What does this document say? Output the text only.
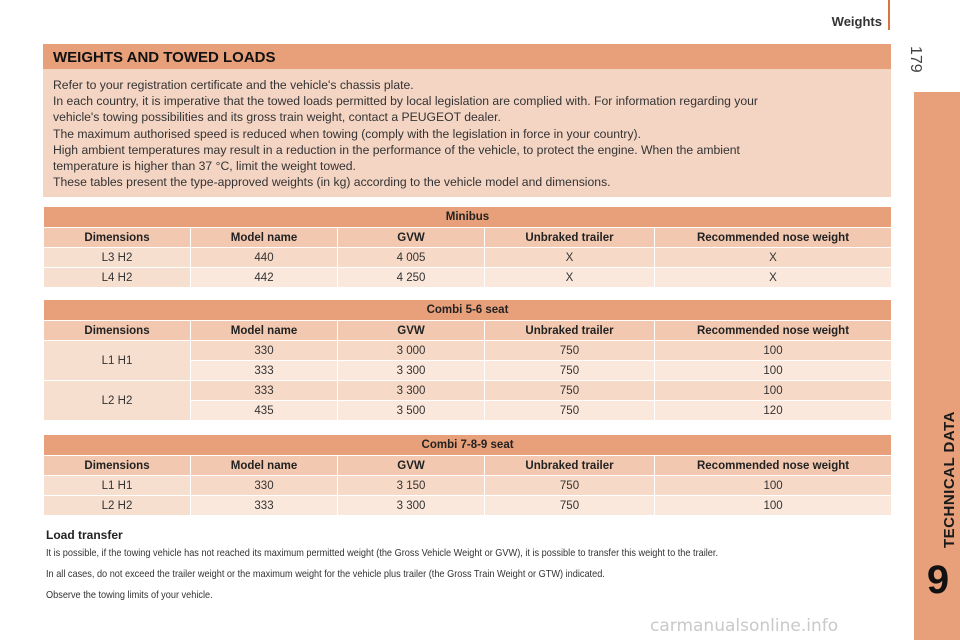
Weights
179
TECHNICAL DATA
9
WEIGHTS AND TOWED LOADS
Refer to your registration certificate and the vehicle's chassis plate.
In each country, it is imperative that the towed loads permitted by local legislation are complied with. For information regarding your
vehicle's towing possibilities and its gross train weight, contact a PEUGEOT dealer.
The maximum authorised speed is reduced when towing (comply with the legislation in force in your country).
High ambient temperatures may result in a reduction in the performance of the vehicle, to protect the engine. When the ambient
temperature is higher than 37 °C, limit the weight towed.
These tables present the type-approved weights (in kg) according to the vehicle model and dimensions.
Minibus				
Dimensions	Model name	GVW	Unbraked trailer	Recommended nose weight
L3 H2	440	4 005	X	X
L4 H2	442	4 250	X	X
Combi 5-6 seat				
Dimensions	Model name	GVW	Unbraked trailer	Recommended nose weight
L1 H1	330	3 000	750	100
	333	3 300	750	100
L2 H2	333	3 300	750	100
	435	3 500	750	120
Combi 7-8-9 seat				
Dimensions	Model name	GVW	Unbraked trailer	Recommended nose weight
L1 H1	330	3 150	750	100
L2 H2	333	3 300	750	100
Load transfer
It is possible, if the towing vehicle has not reached its maximum permitted weight (the Gross Vehicle Weight or GVW), it is possible to transfer this weight to the trailer.
In all cases, do not exceed the trailer weight or the maximum weight for the vehicle plus trailer (the Gross Train Weight or GTW) indicated.
Observe the towing limits of your vehicle.
carmanualsonline.info
